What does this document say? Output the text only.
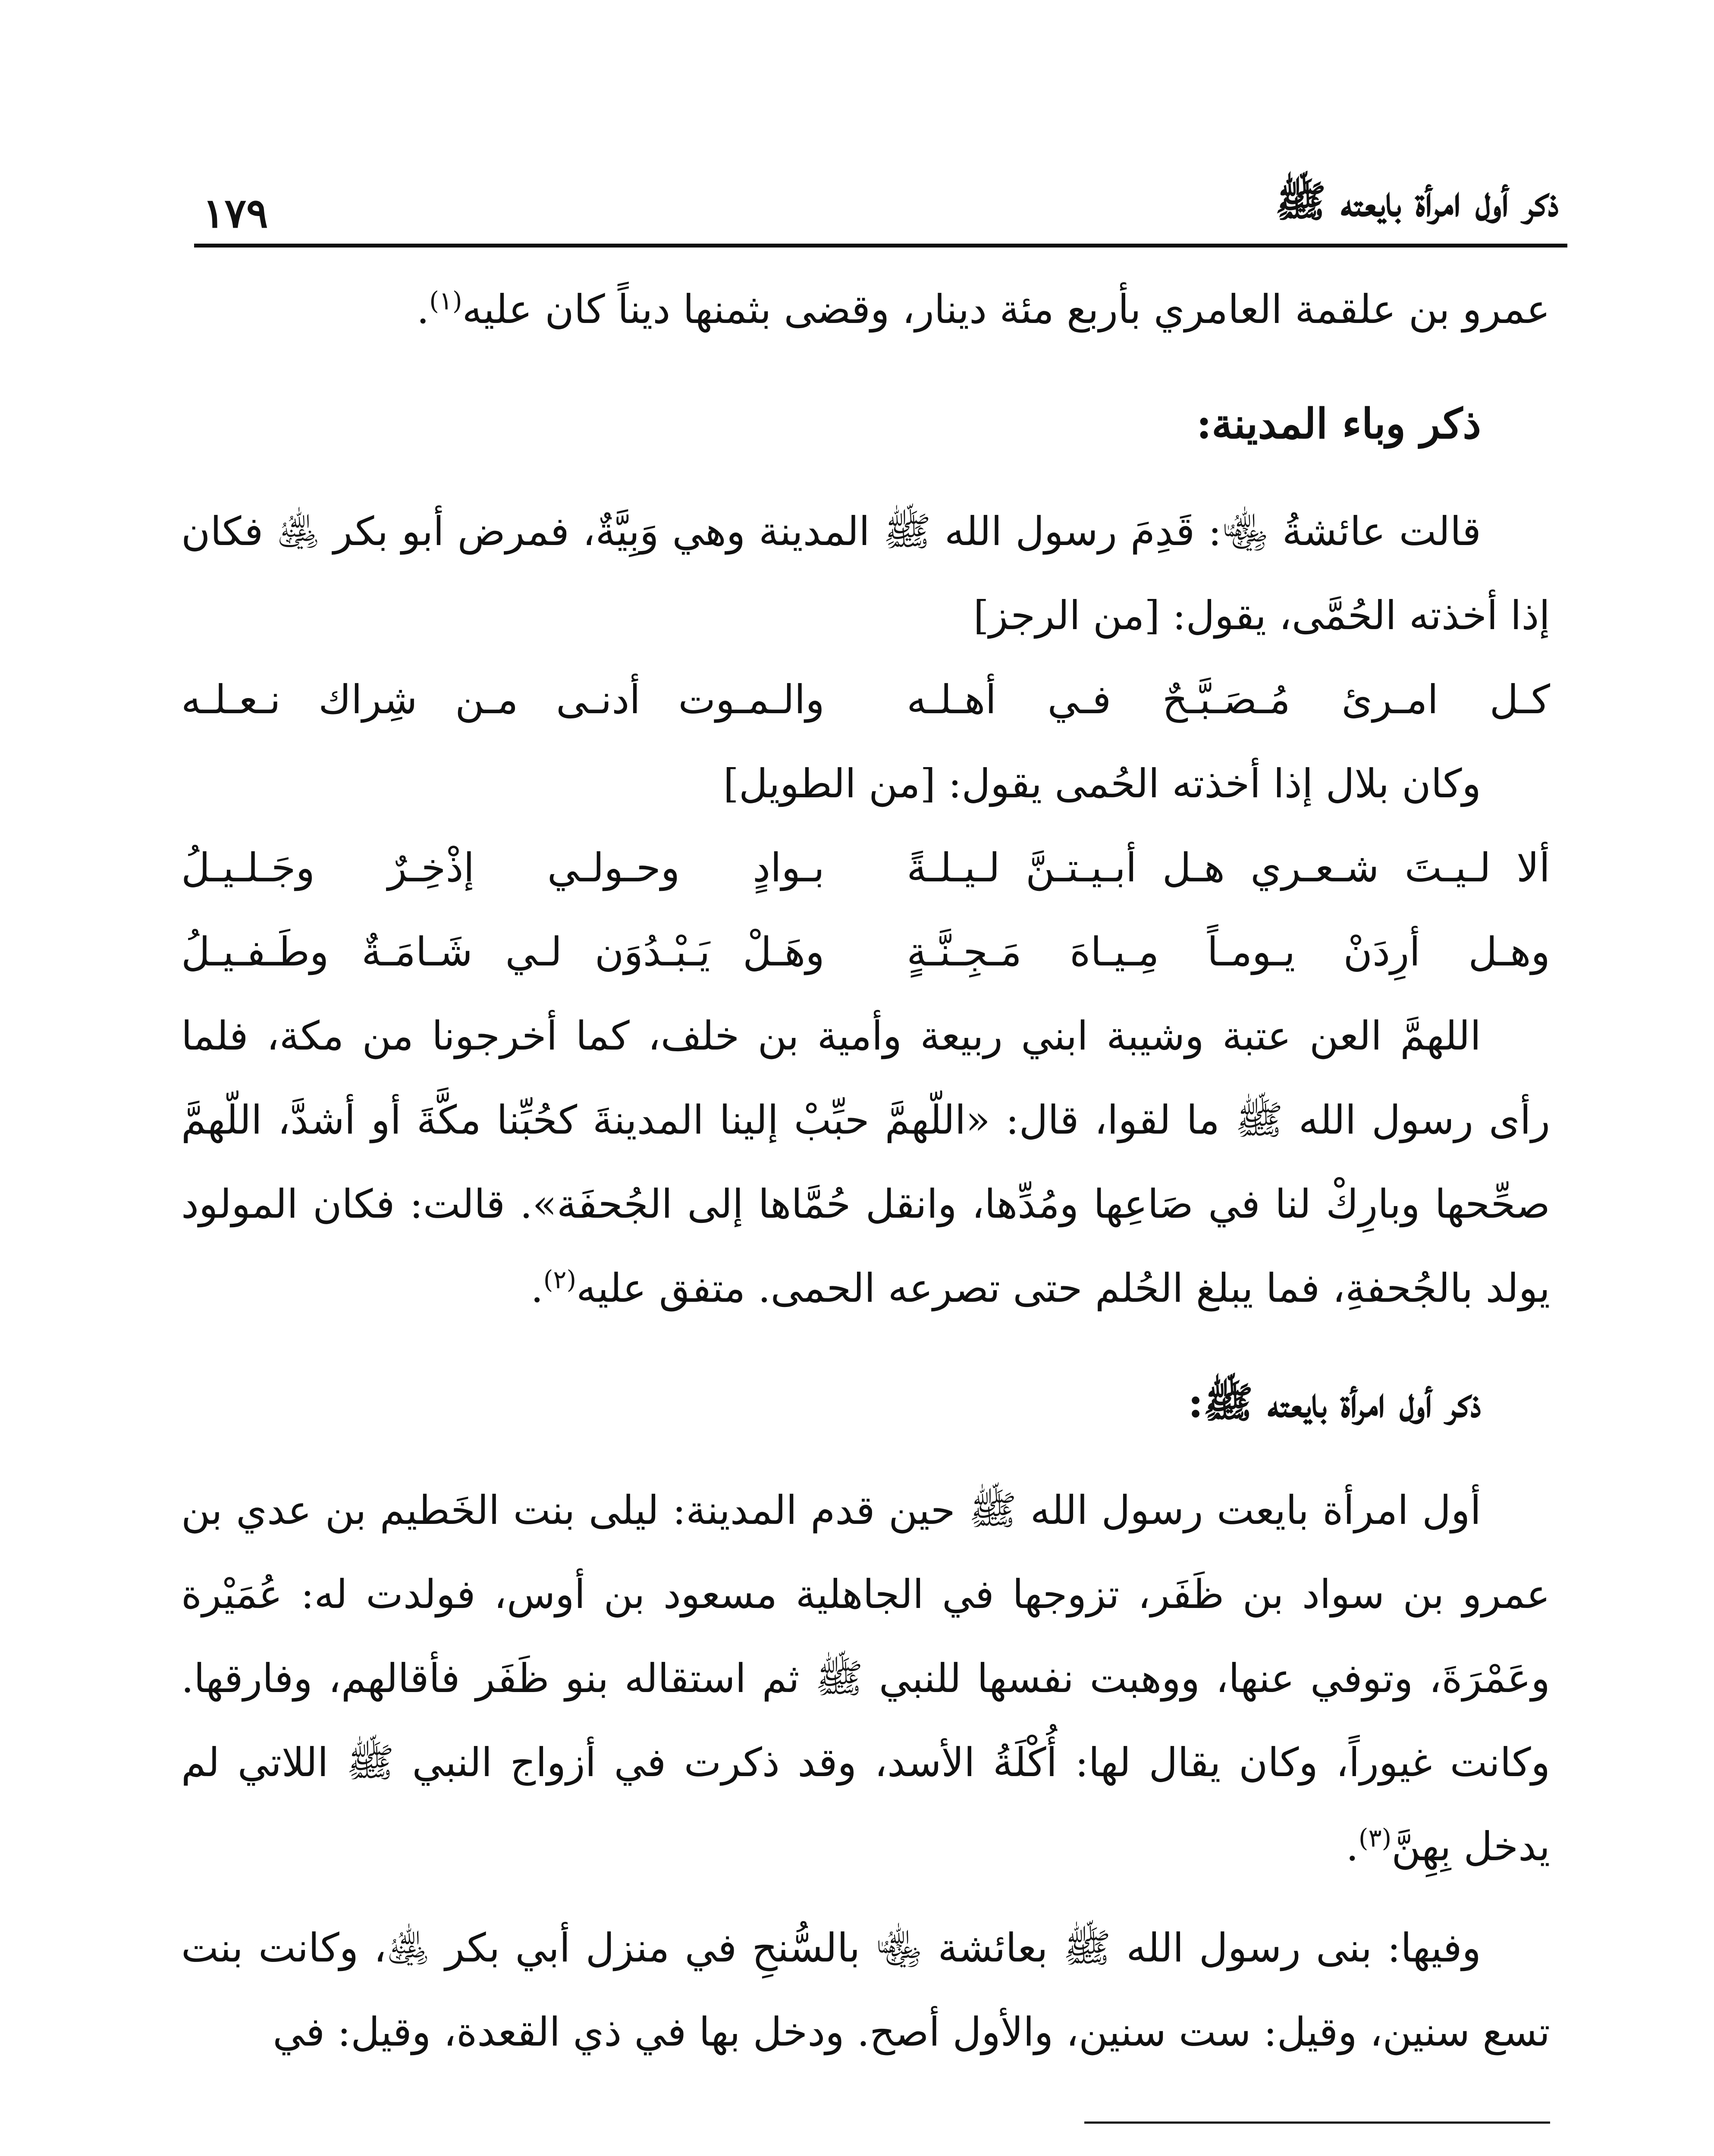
ذكر أول امرأة بايعته ﷺ
١٧٩

عمرو بن علقمة العامري بأربع مئة دينار، وقضى بثمنها ديناً كان عليه$^{(١)}$.

ذكر وباء المدينة:

قالت عائشةُ ﵄: قَدِمَ رسول الله ﷺ المدينة وهي وَبِيَّةٌ، فمرض أبو بكر ﵁ فكان إذا أخذته الحُمَّى، يقول: [من الرجز]

كـل امـرئ مُـصَـبَّـحٌ فـي أهـلـه
والـمـوت أدنـى مـن شِراك نـعـلـه

وكان بلال إذا أخذته الحُمى يقول: [من الطويل]

ألا لـيـتَ شـعـري هـل أبـيـتـنَّ لـيـلـةً
بـوادٍ وحـولـي إذْخِـرٌ وجَـلـيـلُ
وهـل أرِدَنْ يـومـاً مِـيـاهَ مَـجِـنَّـةٍ
وهَـلْ يَـبْـدُوَن لـي شَـامَـةٌ وطَـفـيـلُ

اللهمَّ العن عتبة وشيبة ابني ربيعة وأمية بن خلف، كما أخرجونا من مكة، فلما رأى رسول الله ﷺ ما لقوا، قال: «اللّهمَّ حبِّبْ إلينا المدينةَ كحُبِّنا مكَّةَ أو أشدَّ، اللّهمَّ صحِّحها وبارِكْ لنا في صَاعِها ومُدِّها، وانقل حُمَّاها إلى الجُحفَة». قالت: فكان المولود يولد بالجُحفةِ، فما يبلغ الحُلم حتى تصرعه الحمى. متفق عليه$^{(٢)}$.

ذكر أول امرأة بايعته ﷺ:

أول امرأة بايعت رسول الله ﷺ حين قدم المدينة: ليلى بنت الخَطيم بن عدي بن عمرو بن سواد بن ظَفَر، تزوجها في الجاهلية مسعود بن أوس، فولدت له: عُمَيْرة وعَمْرَةَ، وتوفي عنها، ووهبت نفسها للنبي ﷺ ثم استقاله بنو ظَفَر فأقالهم، وفارقها. وكانت غيوراً، وكان يقال لها: أُكْلَةُ الأسد، وقد ذكرت في أزواج النبي ﷺ اللاتي لم يدخل بِهِنَّ$^{(٣)}$.

وفيها: بنى رسول الله ﷺ بعائشة ﵄ بالسُّنحِ في منزل أبي بكر ﵁، وكانت بنت تسع سنين، وقيل: ست سنين، والأول أصح. ودخل بها في ذي القعدة، وقيل: في
